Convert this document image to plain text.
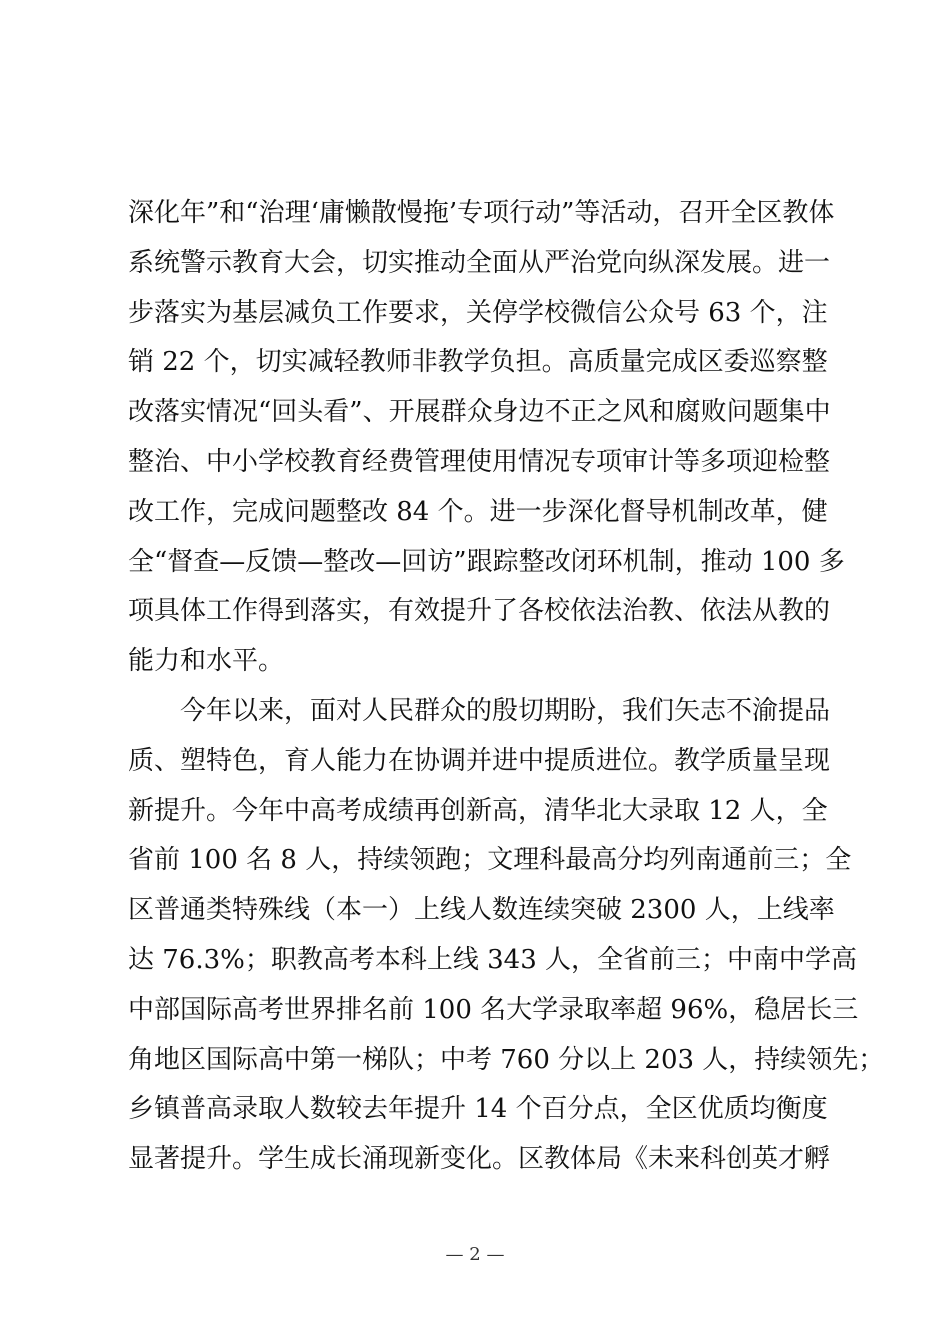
深化年”和“治理‘庸懒散慢拖’专项行动”等活动，召开全区教体
系统警示教育大会，切实推动全面从严治党向纵深发展。进一
步落实为基层减负工作要求，关停学校微信公众号 63 个，注
销 22 个，切实减轻教师非教学负担。高质量完成区委巡察整
改落实情况“回头看”、开展群众身边不正之风和腐败问题集中
整治、中小学校教育经费管理使用情况专项审计等多项迎检整
改工作，完成问题整改 84 个。进一步深化督导机制改革，健
全“督查—反馈—整改—回访”跟踪整改闭环机制，推动 100 多
项具体工作得到落实，有效提升了各校依法治教、依法从教的
能力和水平。
　　今年以来，面对人民群众的殷切期盼，我们矢志不渝提品
质、塑特色，育人能力在协调并进中提质进位。教学质量呈现
新提升。今年中高考成绩再创新高，清华北大录取 12 人，全
省前 100 名 8 人，持续领跑；文理科最高分均列南通前三；全
区普通类特殊线（本一）上线人数连续突破 2300 人，上线率
达 76.3%；职教高考本科上线 343 人，全省前三；中南中学高
中部国际高考世界排名前 100 名大学录取率超 96%，稳居长三
角地区国际高中第一梯队；中考 760 分以上 203 人，持续领先；
乡镇普高录取人数较去年提升 14 个百分点，全区优质均衡度
显著提升。学生成长涌现新变化。区教体局《未来科创英才孵
— 2 —
